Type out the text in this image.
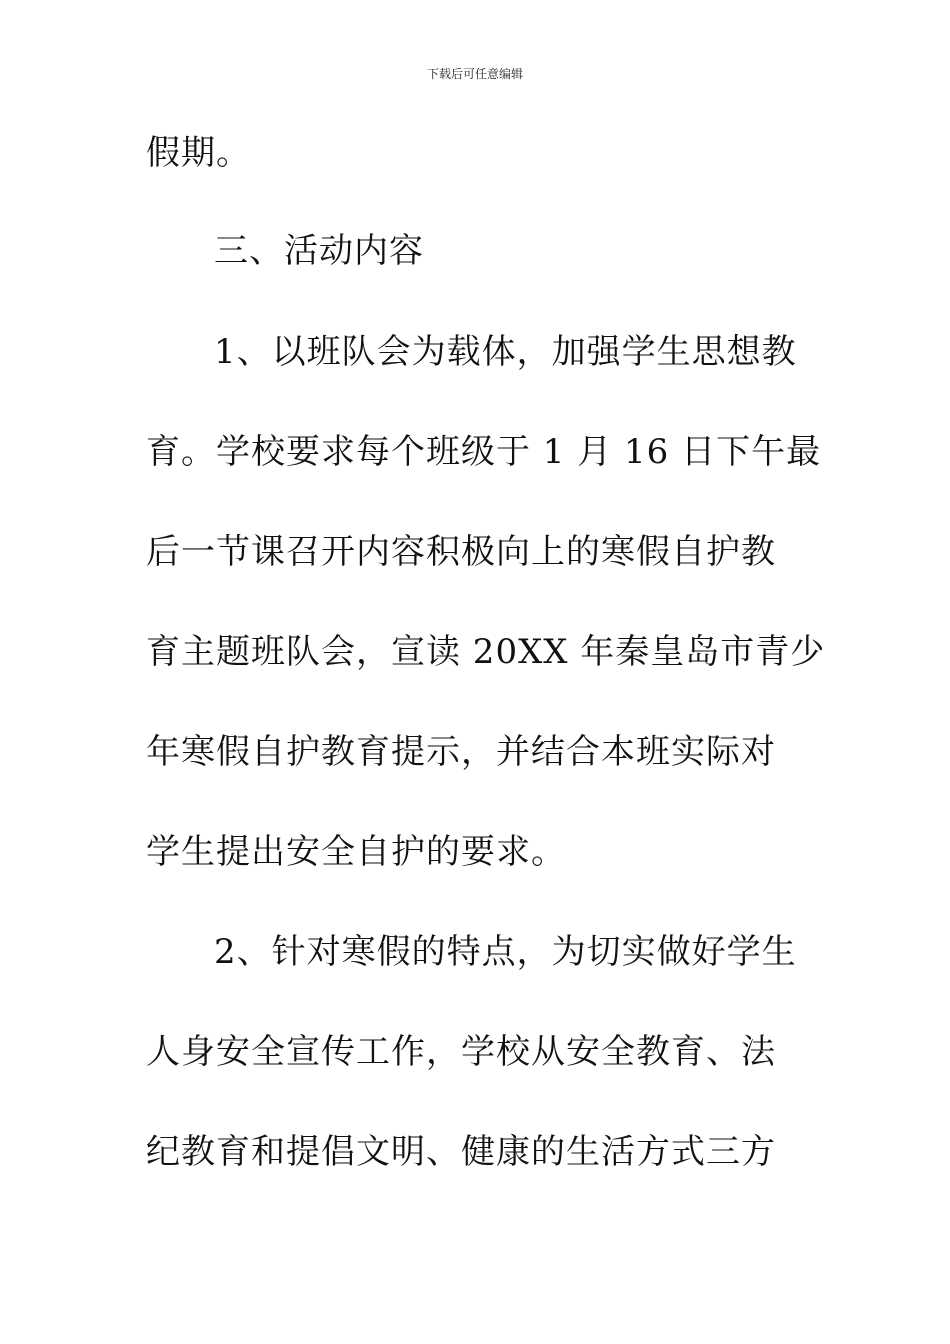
下载后可任意编辑
假期。
三、活动内容
1、以班队会为载体，加强学生思想教
育。学校要求每个班级于 1 月 16 日下午最
后一节课召开内容积极向上的寒假自护教
育主题班队会，宣读 20XX 年秦皇岛市青少
年寒假自护教育提示，并结合本班实际对
学生提出安全自护的要求。
2、针对寒假的特点，为切实做好学生
人身安全宣传工作，学校从安全教育、法
纪教育和提倡文明、健康的生活方式三方
